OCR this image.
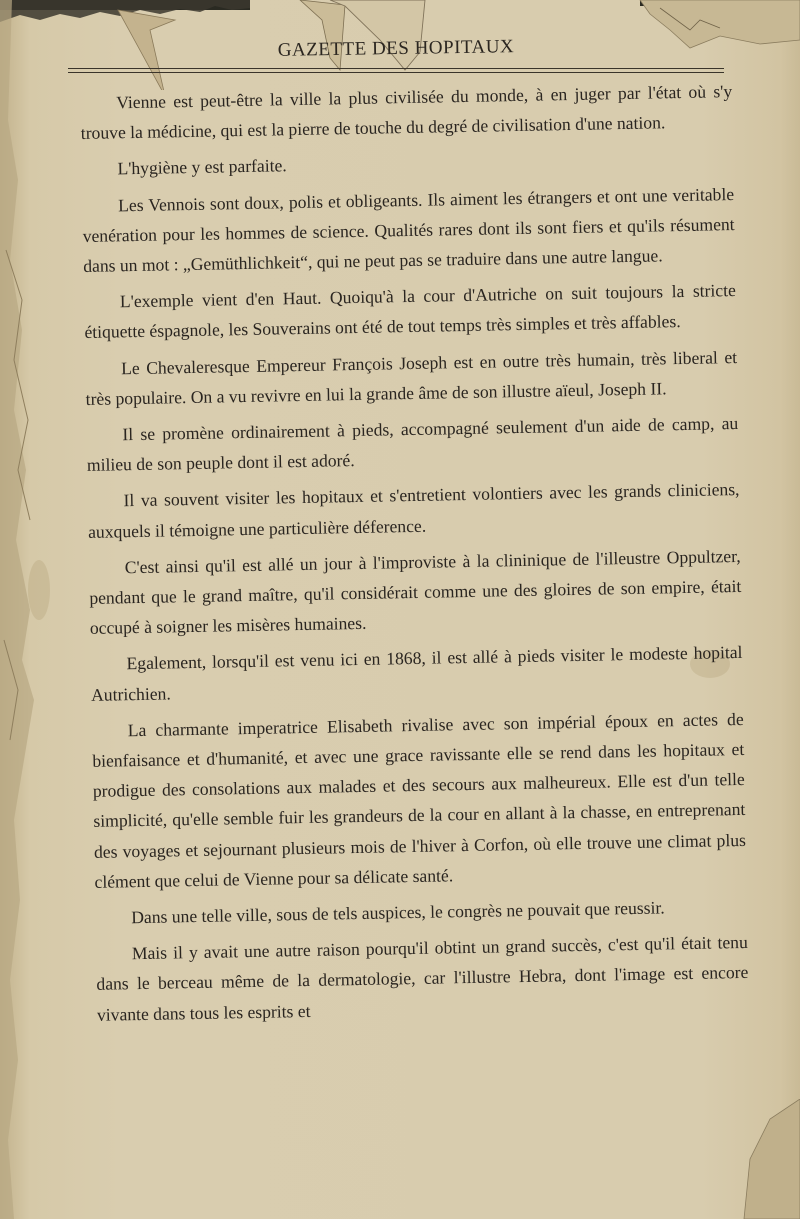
GAZETTE DES HOPITAUX

Vienne est peut-être la ville la plus civilisée du monde, à en juger par l'état où s'y trouve la médicine, qui est la pierre de touche du degré de civilisation d'une nation.

L'hygiène y est parfaite.

Les Vennois sont doux, polis et obligeants. Ils aiment les étrangers et ont une veritable venération pour les hommes de science. Qualités rares dont ils sont fiers et qu'ils résument dans un mot : „Gemüthlichkeit“, qui ne peut pas se traduire dans une autre langue.

L'exemple vient d'en Haut. Quoiqu'à la cour d'Autriche on suit toujours la stricte étiquette éspagnole, les Souverains ont été de tout temps très simples et très affables.

Le Chevaleresque Empereur François Joseph est en outre très humain, très liberal et très populaire. On a vu revivre en lui la grande âme de son illustre aïeul, Joseph II.

Il se promène ordinairement à pieds, accompagné seulement d'un aide de camp, au milieu de son peuple dont il est adoré.

Il va souvent visiter les hopitaux et s'entretient volontiers avec les grands cliniciens, auxquels il témoigne une particulière déference.

C'est ainsi qu'il est allé un jour à l'improviste à la clininique de l'illeustre Oppultzer, pendant que le grand maître, qu'il considérait comme une des gloires de son empire, était occupé à soigner les misères humaines.

Egalement, lorsqu'il est venu ici en 1868, il est allé à pieds visiter le modeste hopital Autrichien.

La charmante imperatrice Elisabeth rivalise avec son impérial époux en actes de bienfaisance et d'humanité, et avec une grace ravissante elle se rend dans les hopitaux et prodigue des consolations aux malades et des secours aux malheureux. Elle est d'un telle simplicité, qu'elle semble fuir les grandeurs de la cour en allant à la chasse, en entreprenant des voyages et sejournant plusieurs mois de l'hiver à Corfon, où elle trouve une climat plus clément que celui de Vienne pour sa délicate santé.

Dans une telle ville, sous de tels auspices, le congrès ne pouvait que reussir.

Mais il y avait une autre raison pourqu'il obtint un grand succès, c'est qu'il était tenu dans le berceau même de la dermatologie, car l'illustre Hebra, dont l'image est encore vivante dans tous les esprits et
